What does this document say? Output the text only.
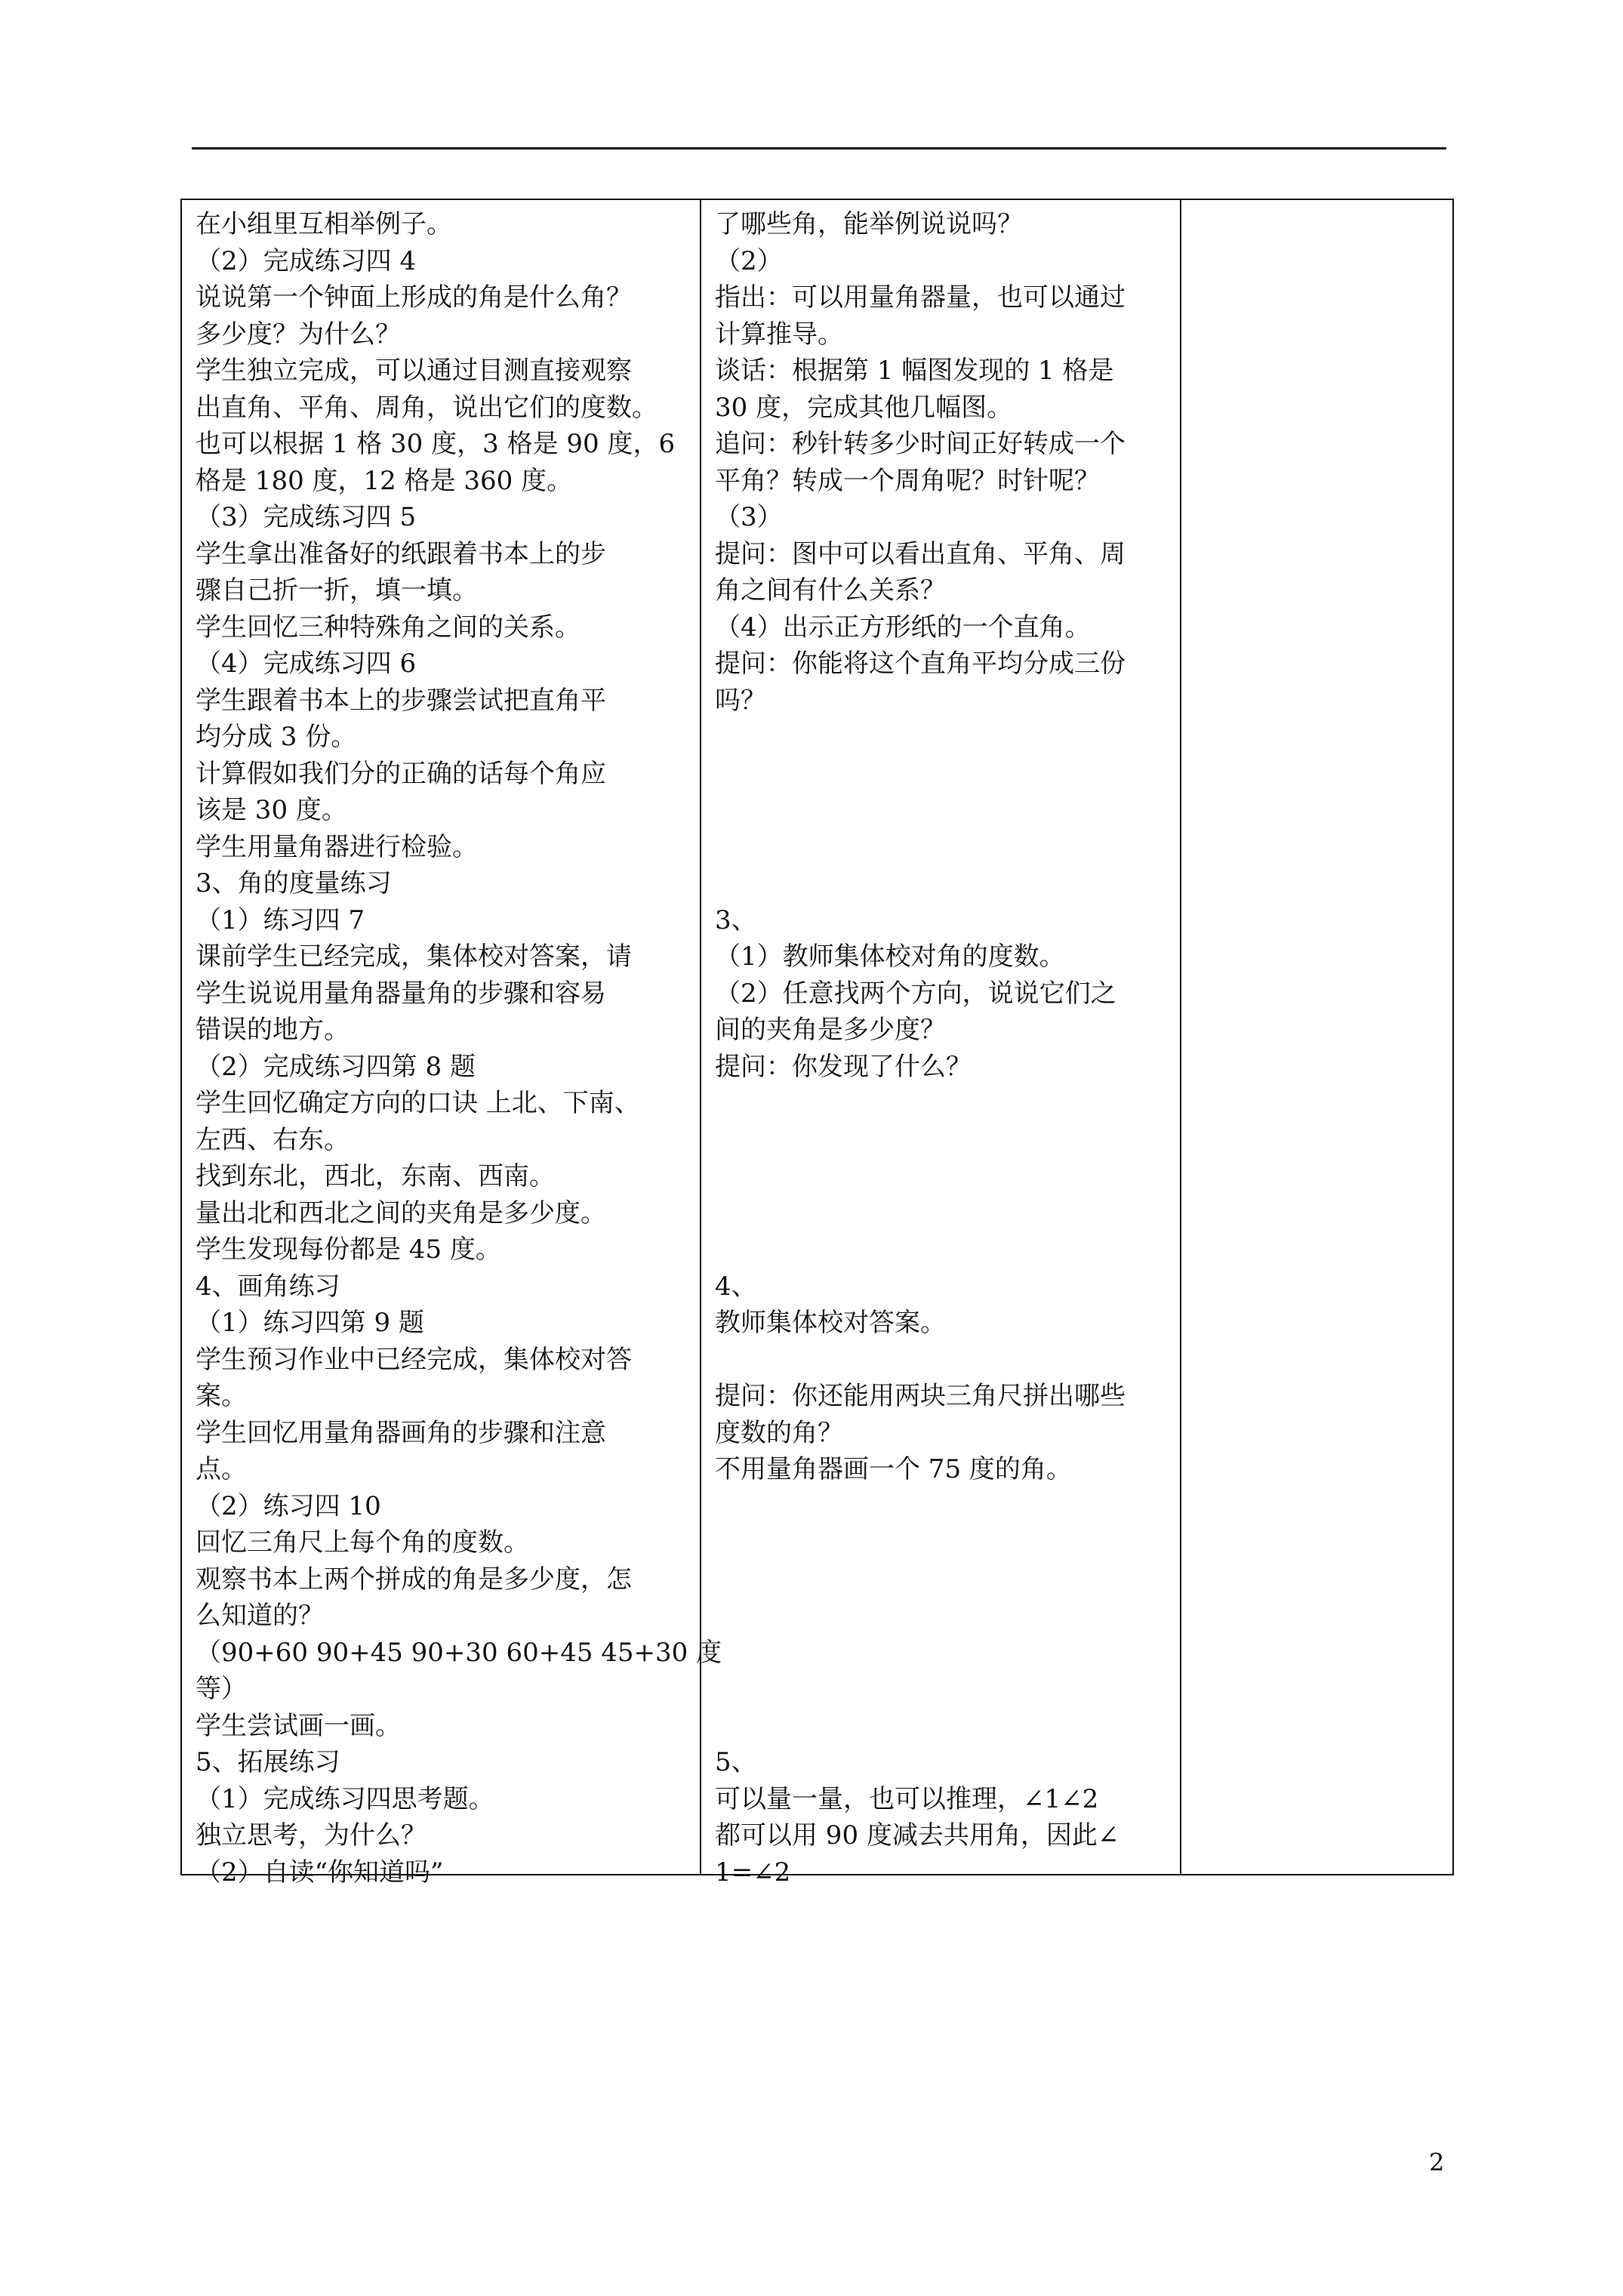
在小组里互相举例子。
（2）完成练习四 4
说说第一个钟面上形成的角是什么角？
多少度？为什么？
学生独立完成，可以通过目测直接观察
出直角、平角、周角，说出它们的度数。
也可以根据 1 格 30 度，3 格是 90 度，6
格是 180 度，12 格是 360 度。
（3）完成练习四 5
学生拿出准备好的纸跟着书本上的步
骤自己折一折，填一填。
学生回忆三种特殊角之间的关系。
（4）完成练习四 6
学生跟着书本上的步骤尝试把直角平
均分成 3 份。
计算假如我们分的正确的话每个角应
该是 30 度。
学生用量角器进行检验。
3、角的度量练习
（1）练习四 7
课前学生已经完成，集体校对答案，请
学生说说用量角器量角的步骤和容易
错误的地方。
（2）完成练习四第 8 题
学生回忆确定方向的口诀 上北、下南、
左西、右东。
找到东北，西北，东南、西南。
量出北和西北之间的夹角是多少度。
学生发现每份都是 45 度。
4、画角练习
（1）练习四第 9 题
学生预习作业中已经完成，集体校对答
案。
学生回忆用量角器画角的步骤和注意
点。
（2）练习四 10
回忆三角尺上每个角的度数。
观察书本上两个拼成的角是多少度，怎
么知道的？
（90+60 90+45 90+30 60+45 45+30 度
等）
学生尝试画一画。
5、拓展练习
（1）完成练习四思考题。
独立思考，为什么？
（2）自读“你知道吗”
了哪些角，能举例说说吗？
（2）
指出：可以用量角器量，也可以通过
计算推导。
谈话：根据第 1 幅图发现的 1 格是
30 度，完成其他几幅图。
追问：秒针转多少时间正好转成一个
平角？转成一个周角呢？时针呢？
（3）
提问：图中可以看出直角、平角、周
角之间有什么关系？
（4）出示正方形纸的一个直角。
提问：你能将这个直角平均分成三份
吗？
3、
（1）教师集体校对角的度数。
（2）任意找两个方向，说说它们之
间的夹角是多少度？
提问：你发现了什么？
4、
教师集体校对答案。
提问：你还能用两块三角尺拼出哪些
度数的角？
不用量角器画一个 75 度的角。
5、
可以量一量，也可以推理，∠1∠2
都可以用 90 度减去共用角，因此∠
1=∠2
2
